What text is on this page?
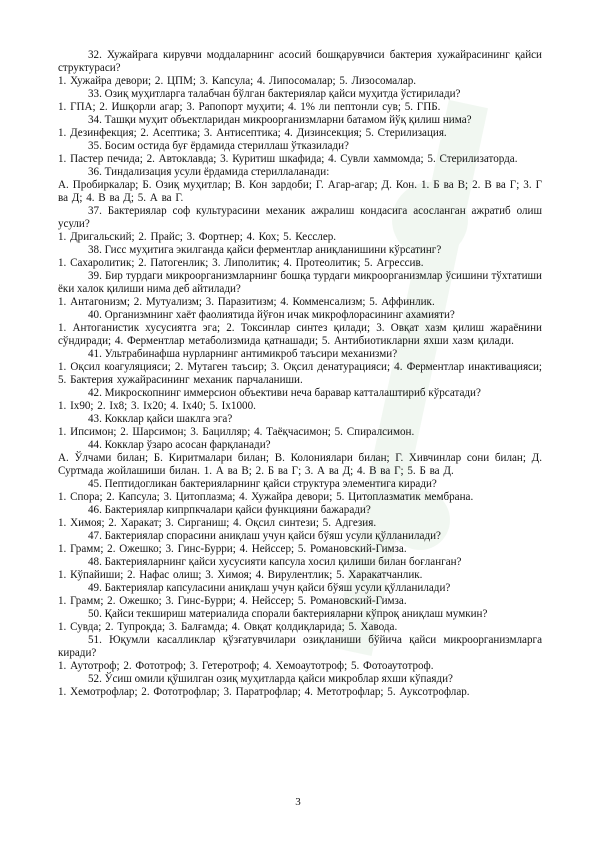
32. Хужайрага кирувчи моддаларнинг асосий бошқарувчиси бактерия хужайрасининг қайси структураси?

1. Хужайра девори; 2. ЦПМ; 3. Капсула; 4. Липосомалар; 5. Лизосомалар.

33. Озиқ муҳитларга талабчан бўлган бактериялар қайси муҳитда ўстирилади?

1. ГПА; 2. Ишқорли агар; 3. Рапопорт муҳити; 4. 1% ли пептонли сув; 5. ГПБ.

34. Ташқи муҳит объектларидан микроорганизмларни батамом йўқ қилиш нима?

1. Дезинфекция; 2. Асептика; 3. Антисептика; 4. Дизинсекция; 5. Стерилизация.

35. Босим остида буғ ёрдамида стериллаш ўтказилади?

1. Пастер печида; 2. Автоклавда; 3. Куритиш шкафида; 4. Сувли хаммомда; 5. Стерилизаторда.

36. Тиндализация усули ёрдамида стериллаланади:

А. Пробиркалар; Б. Озиқ муҳитлар; В. Кон зардоби; Г. Агар-агар; Д. Кон. 1. Б ва В; 2. В ва Г; 3. Г ва Д; 4. В ва Д; 5. А ва Г.

37. Бактериялар соф культурасини механик ажралиш кондасига асосланган ажратиб олиш усули?

1. Дригальский; 2. Прайс; 3. Фортнер; 4. Кох; 5. Кесслер.

38. Гисс муҳитига экилганда қайси ферментлар аниқланишини кўрсатинг?

1. Сахаролитик; 2. Патогенлик; 3. Липолитик; 4. Протеолитик; 5. Агрессив.

39. Бир турдаги микроорганизмларнинг бошқа турдаги микроорганизмлар ўсишини тўхтатиши ёки халок қилиши нима деб айтилади?

1. Антагонизм; 2. Мутуализм; 3. Паразитизм; 4. Комменсализм; 5. Аффинлик.

40. Организмнинг хаёт фаолиятида йўғон ичак микрофлорасининг ахамияти?

1. Антоганистик хусусиятга эга; 2. Токсинлар синтез қилади; 3. Овқат хазм қилиш жараёнини сўндиради; 4. Ферментлар метаболизмида қатнашади; 5. Антибиотикларни яхши хазм қилади.

41. Ультрабинафша нурларнинг антимикроб таъсири механизми?

1. Оқсил коагуляцияси; 2. Мутаген таъсир; 3. Оқсил денатурацияси; 4. Ферментлар инактивацияси; 5. Бактерия хужайрасининг механик парчаланиши.

42. Микроскопнинг иммерсион объективи неча баравар катталаштириб кўрсатади?

1. Ix90; 2. Ix8; 3. Ix20; 4. Ix40; 5. Ix1000.

43. Кокклар қайси шаклга эга?

1. Ипсимон; 2. Шарсимон; 3. Бацилляр; 4. Таёқчасимон; 5. Спиралсимон.

44. Кокклар ўзаро асосан фарқланади?

А. Ўлчами билан; Б. Киритмалари билан; В. Колониялари билан; Г. Хивчинлар сони билан; Д. Суртмада жойлашиши билан. 1. А ва В; 2. Б ва Г; 3. А ва Д; 4. В ва Г; 5. Б ва Д.

45. Пептидогликан бактерияларнинг қайси структура элементига киради?

1. Спора; 2. Капсула; 3. Цитоплазма; 4. Хужайра девори; 5. Цитоплазматик мембрана.

46. Бактериялар кипрпкчалари қайси функцияни бажаради?

1. Химоя; 2. Харакат; 3. Сирганиш; 4. Оқсил синтези; 5. Адгезия.

47. Бактериялар спорасини аниқлаш учун қайси бўяш усули қўлланилади?

1. Грамм; 2. Ожешко; 3. Гинс-Бурри; 4. Нейссер; 5. Романовский-Гимза.

48. Бактерияларнинг қайси хусусияти капсула хосил қилиши билан боғланган?

1. Кўпайиши; 2. Нафас олиш; 3. Химоя; 4. Вирулентлик; 5. Харакатчанлик.

49. Бактериялар капсуласини аниқлаш учун қайси бўяш усули қўлланилади?

1. Грамм; 2. Ожешко; 3. Гинс-Бурри; 4. Нейссер; 5. Романовский-Гимза.

50. Қайси текшириш материалида спорали бактерияларни кўпроқ аниқлаш мумкин?

1. Сувда; 2. Тупроқда; 3. Балғамда; 4. Овқат қолдиқларида; 5. Хавода.

51. Юқумли касалликлар қўзғатувчилари озиқланиши бўйича қайси микроорганизмларга киради?

1. Аутотроф; 2. Фототроф; 3. Гетеротроф; 4. Хемоаутотроф; 5. Фотоаутотроф.

52. Ўсиш омили қўшилган озиқ муҳитларда қайси микроблар яхши кўпаяди?

1. Хемотрофлар; 2. Фототрофлар; 3. Паратрофлар; 4. Метотрофлар; 5. Ауксотрофлар.

3
